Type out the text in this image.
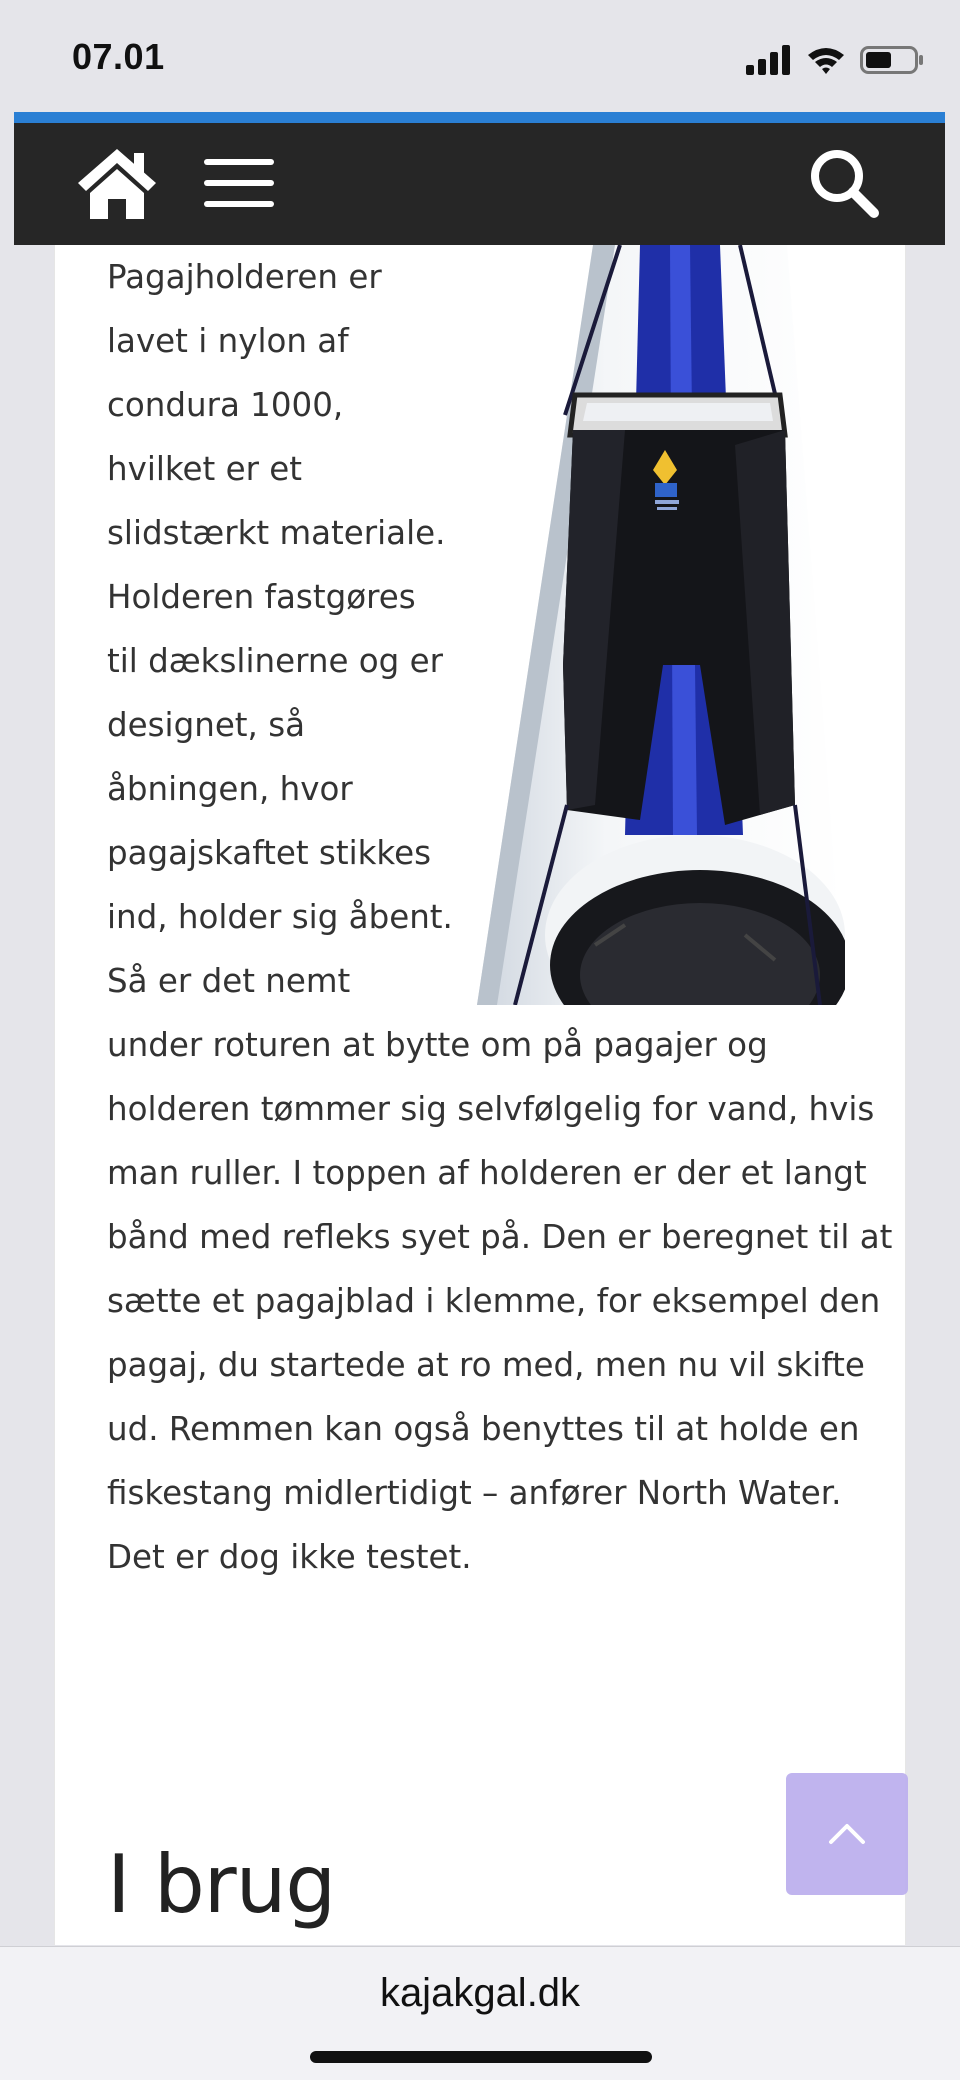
07.01

Pagajholderen er lavet i nylon af condura 1000, hvilket er et slidstærkt materiale. Holderen fastgøres til dækslinerne og er designet, så åbningen, hvor pagajskaftet stikkes ind, holder sig åbent. Så er det nemt under roturen at bytte om på pagajer og holderen tømmer sig selvfølgelig for vand, hvis man ruller. I toppen af holderen er der et langt bånd med refleks syet på. Den er beregnet til at sætte et pagajblad i klemme, for eksempel den pagaj, du startede at ro med, men nu vil skifte ud. Remmen kan også benyttes til at holde en fiskestang midlertidigt – anfører North Water. Det er dog ikke testet.

I brug
kajakgal.dk
